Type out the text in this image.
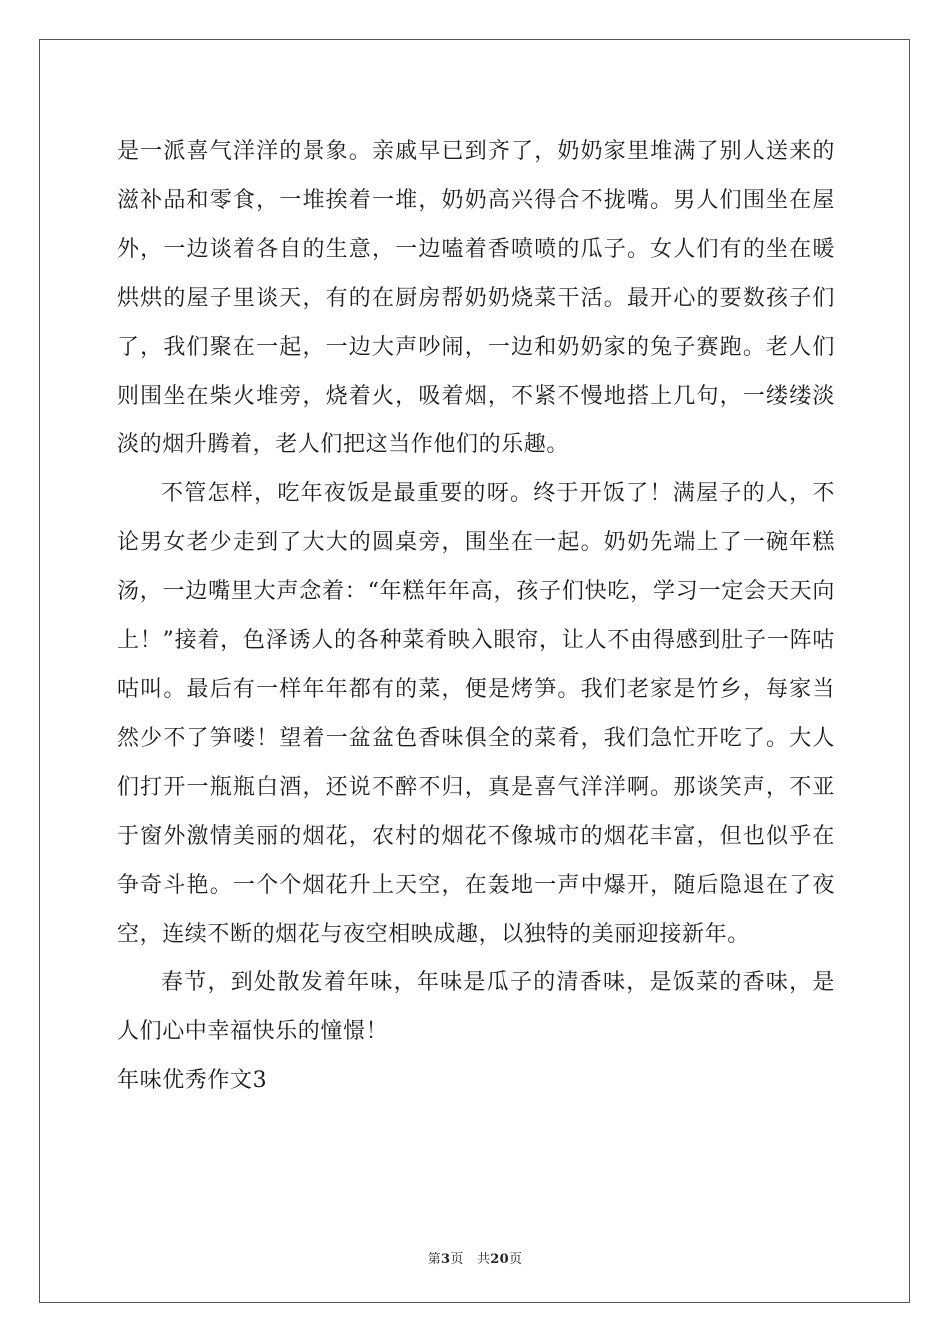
是一派喜气洋洋的景象。亲戚早已到齐了，奶奶家里堆满了别人送来的滋补品和零食，一堆挨着一堆，奶奶高兴得合不拢嘴。男人们围坐在屋外，一边谈着各自的生意，一边嗑着香喷喷的瓜子。女人们有的坐在暖烘烘的屋子里谈天，有的在厨房帮奶奶烧菜干活。最开心的要数孩子们了，我们聚在一起，一边大声吵闹，一边和奶奶家的兔子赛跑。老人们则围坐在柴火堆旁，烧着火，吸着烟，不紧不慢地搭上几句，一缕缕淡淡的烟升腾着，老人们把这当作他们的乐趣。

不管怎样，吃年夜饭是最重要的呀。终于开饭了！满屋子的人，不论男女老少走到了大大的圆桌旁，围坐在一起。奶奶先端上了一碗年糕汤，一边嘴里大声念着：“年糕年年高，孩子们快吃，学习一定会天天向上！”接着，色泽诱人的各种菜肴映入眼帘，让人不由得感到肚子一阵咕咕叫。最后有一样年年都有的菜，便是烤笋。我们老家是竹乡，每家当然少不了笋喽！望着一盆盆色香味俱全的菜肴，我们急忙开吃了。大人们打开一瓶瓶白酒，还说不醉不归，真是喜气洋洋啊。那谈笑声，不亚于窗外激情美丽的烟花，农村的烟花不像城市的烟花丰富，但也似乎在争奇斗艳。一个个烟花升上天空，在轰地一声中爆开，随后隐退在了夜空，连续不断的烟花与夜空相映成趣，以独特的美丽迎接新年。

春节，到处散发着年味，年味是瓜子的清香味，是饭菜的香味，是人们心中幸福快乐的憧憬！

年味优秀作文3

第3页　共20页
